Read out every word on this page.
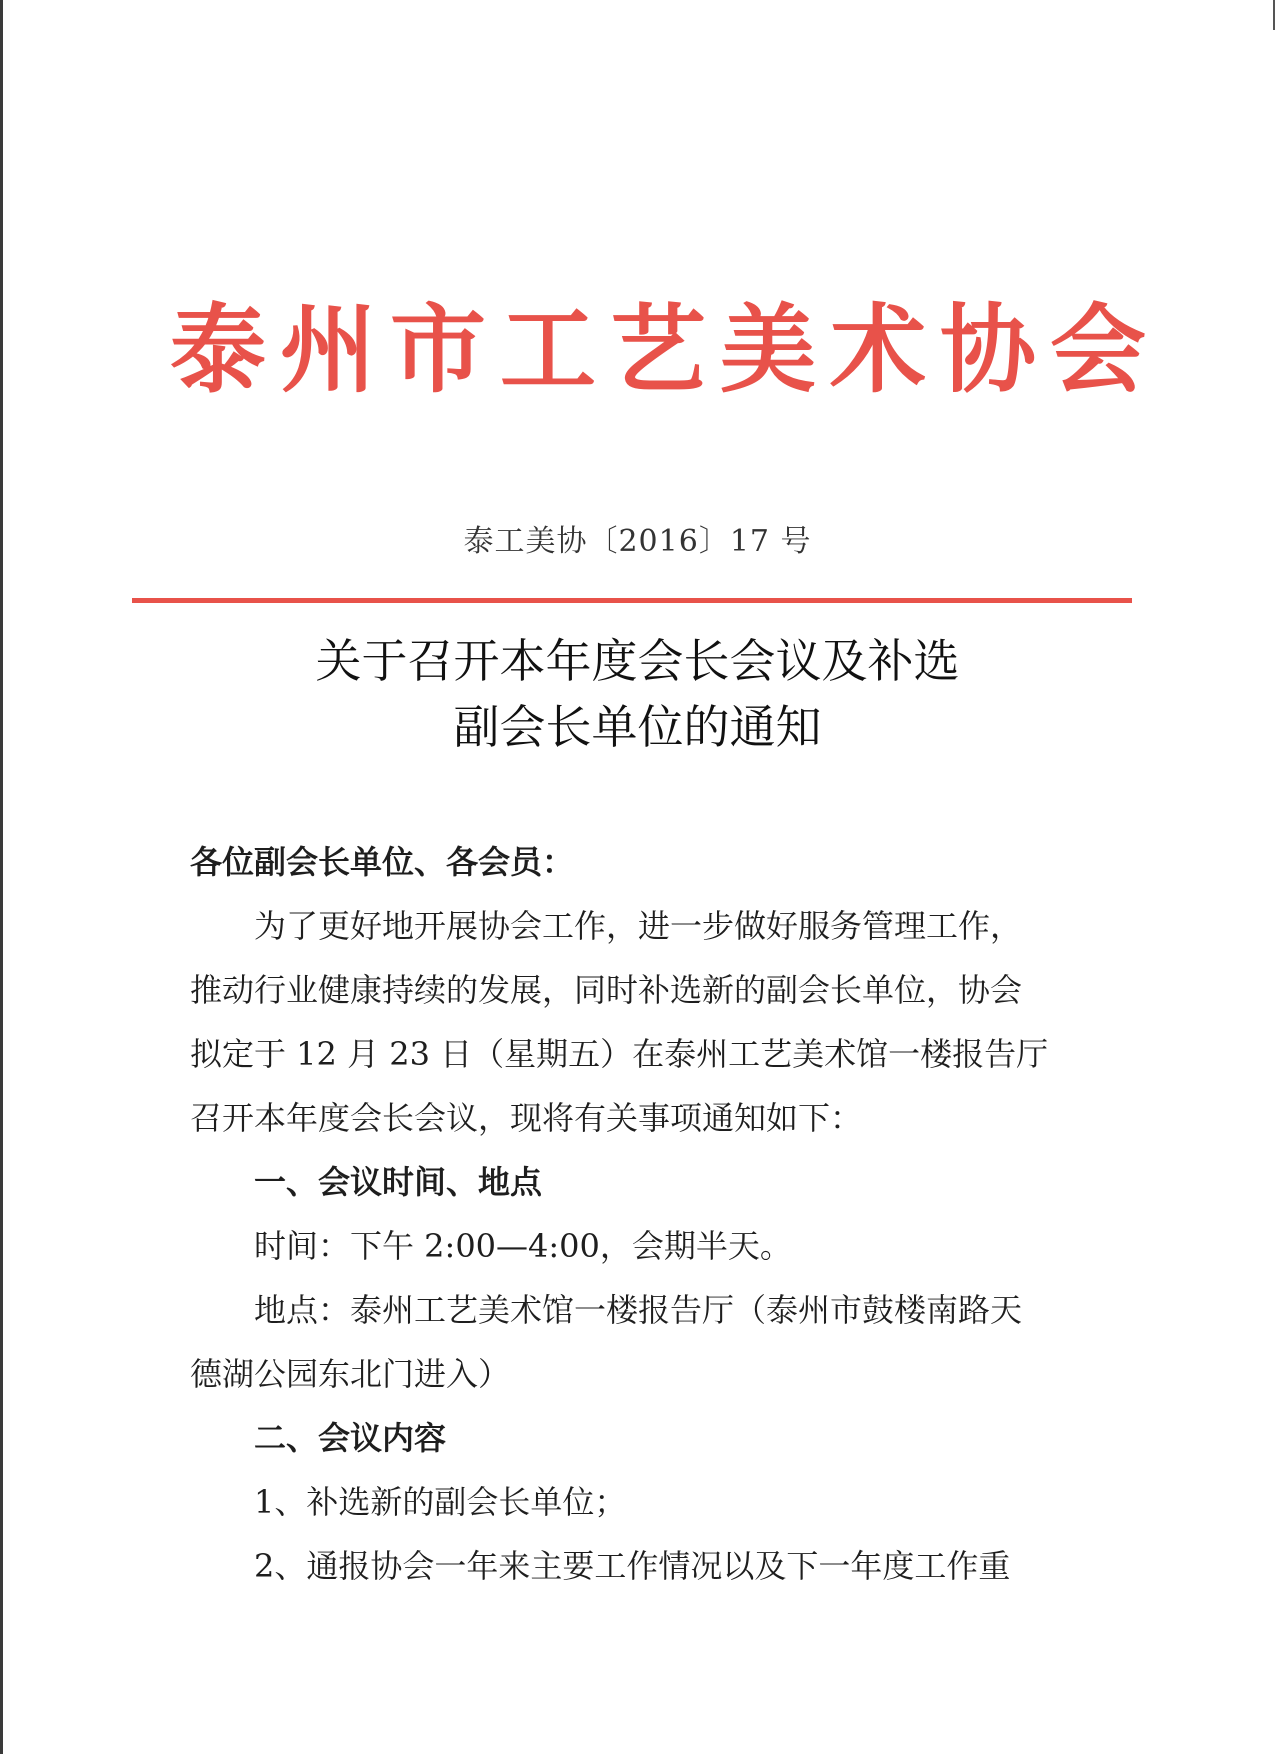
泰州市工艺美术协会
泰工美协〔2016〕17 号
关于召开本年度会长会议及补选
副会长单位的通知

各位副会长单位、各会员：

为了更好地开展协会工作，进一步做好服务管理工作，

推动行业健康持续的发展，同时补选新的副会长单位，协会

拟定于 12 月 23 日（星期五）在泰州工艺美术馆一楼报告厅

召开本年度会长会议，现将有关事项通知如下：

一、会议时间、地点

时间：下午 2:00—4:00，会期半天。

地点：泰州工艺美术馆一楼报告厅（泰州市鼓楼南路天

德湖公园东北门进入）

二、会议内容

1、补选新的副会长单位；

2、通报协会一年来主要工作情况以及下一年度工作重
